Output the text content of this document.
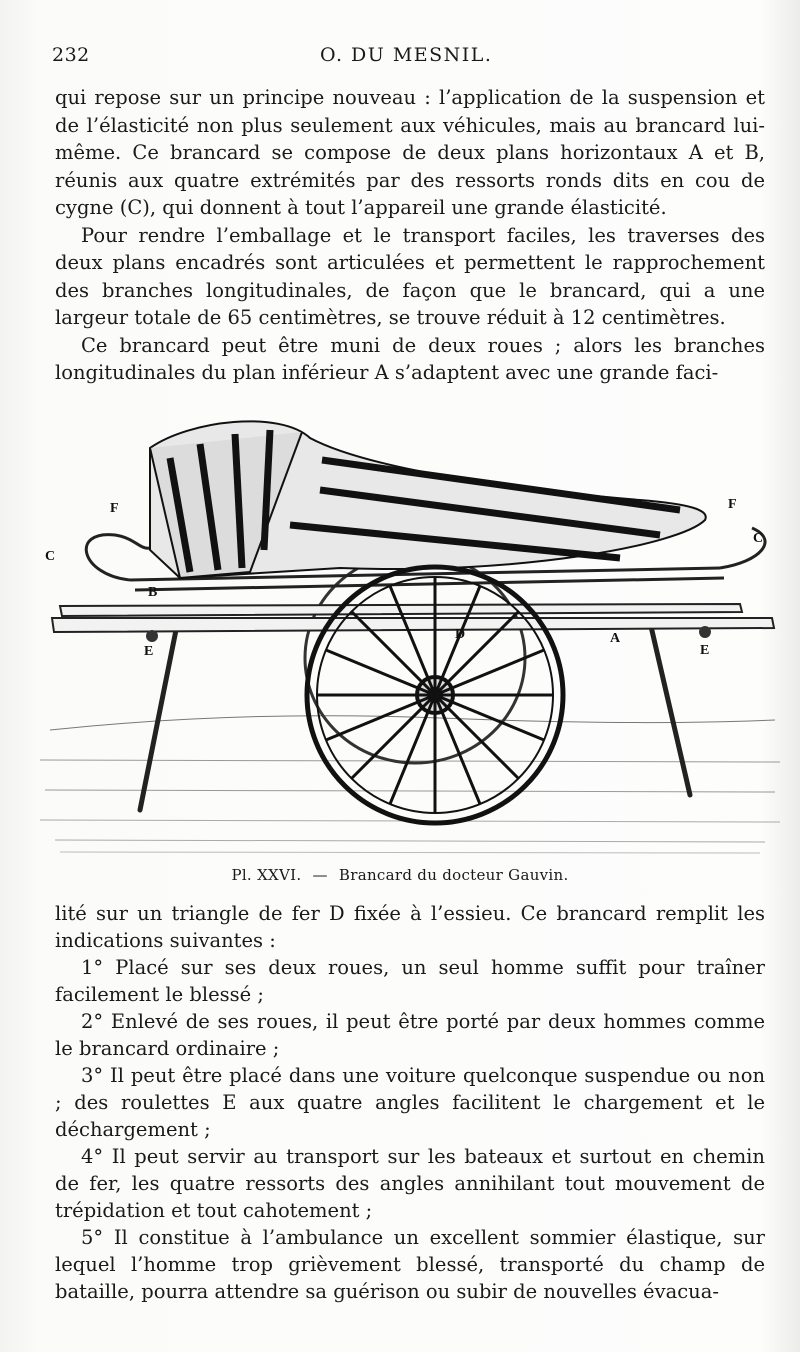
232	O. DU MESNIL.

qui repose sur un principe nouveau : l’application de la suspension et de l’élasticité non plus seulement aux véhicules, mais au brancard lui-même. Ce brancard se compose de deux plans horizontaux A et B, réunis aux quatre extrémités par des ressorts ronds dits en cou de cygne (C), qui donnent à tout l’appareil une grande élasticité.

Pour rendre l’emballage et le transport faciles, les traverses des deux plans encadrés sont articulées et permettent le rapprochement des branches longitudinales, de façon que le brancard, qui a une largeur totale de 65 centimètres, se trouve réduit à 12 centimètres.

Ce brancard peut être muni de deux roues ; alors les branches longitudinales du plan inférieur A s’adaptent avec une grande faci-

F	F
C
C
B
E	E
D	A
Pl. XXVI. — Brancard du docteur Gauvin.

lité sur un triangle de fer D fixée à l’essieu. Ce brancard remplit les indications suivantes :

1° Placé sur ses deux roues, un seul homme suffit pour traîner facilement le blessé ;

2° Enlevé de ses roues, il peut être porté par deux hommes comme le brancard ordinaire ;

3° Il peut être placé dans une voiture quelconque suspendue ou non ; des roulettes E aux quatre angles facilitent le chargement et le déchargement ;

4° Il peut servir au transport sur les bateaux et surtout en chemin de fer, les quatre ressorts des angles annihilant tout mouvement de trépidation et tout cahotement ;

5° Il constitue à l’ambulance un excellent sommier élastique, sur lequel l’homme trop grièvement blessé, transporté du champ de bataille, pourra attendre sa guérison ou subir de nouvelles évacua-
